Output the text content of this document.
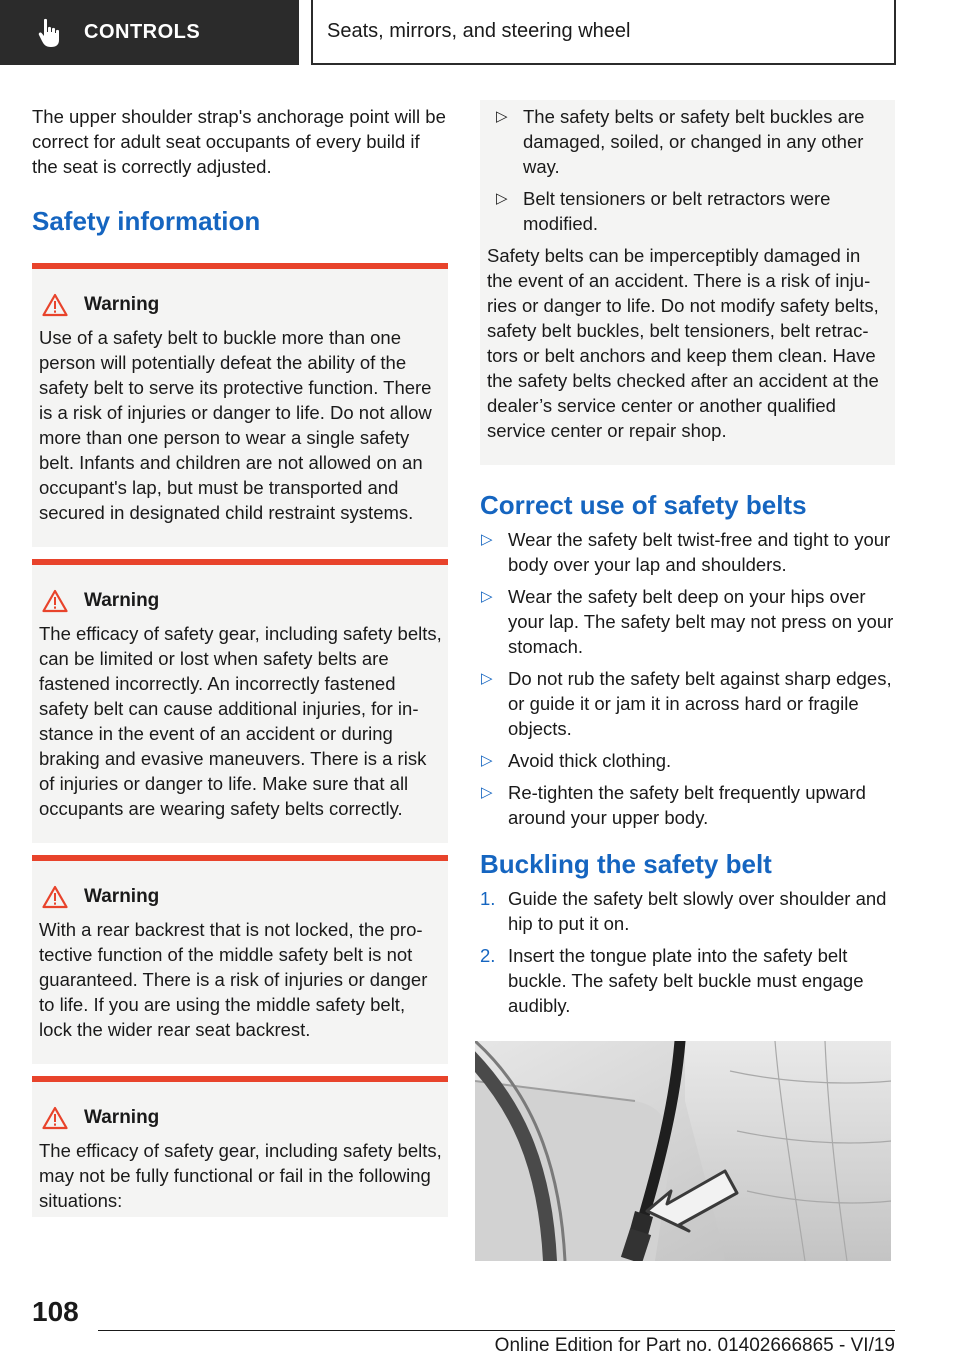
CONTROLS	Seats, mirrors, and steering wheel

The upper shoulder strap's anchorage point will be correct for adult seat occupants of every build if the seat is correctly adjusted.

Safety information
Warning

Use of a safety belt to buckle more than one person will potentially defeat the ability of the safety belt to serve its protective function. There is a risk of injuries or danger to life. Do not allow more than one person to wear a single safety belt. Infants and children are not allowed on an occupant's lap, but must be transported and secured in designated child restraint systems.

Warning

The efficacy of safety gear, including safety belts, can be limited or lost when safety belts are fastened incorrectly. An incorrectly fastened safety belt can cause additional injuries, for instance in the event of an accident or during braking and evasive maneuvers. There is a risk of injuries or danger to life. Make sure that all occupants are wearing safety belts correctly.

Warning

With a rear backrest that is not locked, the protective function of the middle safety belt is not guaranteed. There is a risk of injuries or danger to life. If you are using the middle safety belt, lock the wider rear seat backrest.

Warning

The efficacy of safety gear, including safety belts, may not be fully functional or fail in the following situations:

▷ The safety belts or safety belt buckles are damaged, soiled, or changed in any other way.
▷ Belt tensioners or belt retractors were modified.

Safety belts can be imperceptibly damaged in the event of an accident. There is a risk of injuries or danger to life. Do not modify safety belts, safety belt buckles, belt tensioners, belt retractors or belt anchors and keep them clean. Have the safety belts checked after an accident at the dealer’s service center or another qualified service center or repair shop.

Correct use of safety belts
▷ Wear the safety belt twist-free and tight to your body over your lap and shoulders.
▷ Wear the safety belt deep on your hips over your lap. The safety belt may not press on your stomach.
▷ Do not rub the safety belt against sharp edges, or guide it or jam it in across hard or fragile objects.
▷ Avoid thick clothing.
▷ Re-tighten the safety belt frequently upward around your upper body.
Buckling the safety belt
1. Guide the safety belt slowly over shoulder and hip to put it on.
2. Insert the tongue plate into the safety belt buckle. The safety belt buckle must engage audibly.
108
Online Edition for Part no. 01402666865 - VI/19
